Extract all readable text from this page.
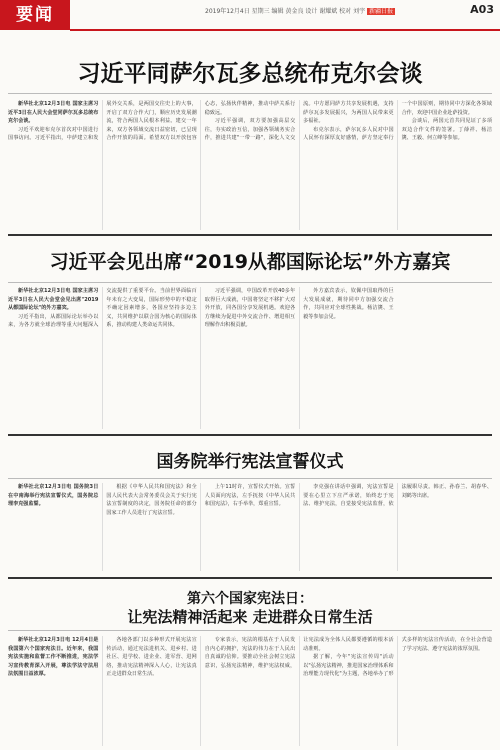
要闻	2019年12月4日 星期三 编辑 黄金良 设计 谢耀斌 校对 刘宇 新疆日报	A03
习近平同萨尔瓦多总统布克尔会谈

新华社北京12月3日电 国家主席习近平3日在人民大会堂同萨尔瓦多总统布克尔会谈。

习近平欢迎布克尔首次对中国进行国事访问。习近平指出，中萨建立和发展外交关系，是两国交往史上的大事，开启了双方合作大门，顺应历史发展潮流，符合两国人民根本利益。建交一年来，双方各领域交流日益密切，已呈现合作开放的局面。希望双方以开放包容心态，弘扬伙伴精神，推动中萨关系行稳致远。

习近平强调，双方要加强高层交往，夯实政治互信，加强各领域务实合作，推进共建"一带一路"，深化人文交流。中方愿同萨方共享发展机遇，支持萨尔瓦多发展振兴，为两国人民带来更多福祉。

布克尔表示，萨尔瓦多人民对中国人民怀有深厚友好感情，萨方坚定奉行一个中国原则，期待同中方深化各领域合作，欢迎中国企业赴萨投资。

会谈后，两国元首共同见证了多项双边合作文件的签署。丁薛祥、杨洁篪、王毅、何立峰等参加。

习近平会见出席“2019从都国际论坛”外方嘉宾

新华社北京12月3日电 国家主席习近平3日在人民大会堂会见出席"2019从都国际论坛"的外方嘉宾。

习近平指出，从都国际论坛举办以来，为各方就全球治理等重大问题深入交流提供了重要平台。当前世界面临百年未有之大变局，国际形势中的不稳定不确定因素增多，各国应坚持多边主义，共同维护以联合国为核心的国际体系，推动构建人类命运共同体。

习近平强调，中国改革开放40多年取得巨大成就，中国将坚定不移扩大对外开放，同各国分享发展机遇。欢迎各方继续为促进中外交流合作、增进相互理解作出积极贡献。

外方嘉宾表示，钦佩中国取得的巨大发展成就，期待同中方加强交流合作，共同应对全球性挑战。杨洁篪、王毅等参加会见。

国务院举行宪法宣誓仪式

新华社北京12月3日电 国务院3日在中南海举行宪法宣誓仪式，国务院总理李克强监誓。

根据《中华人民共和国宪法》和全国人民代表大会常务委员会关于实行宪法宣誓制度的决定，国务院任命的部分国家工作人员进行了宪法宣誓。

上午11时许，宣誓仪式开始。宣誓人员面向宪法，左手抚按《中华人民共和国宪法》，右手举拳，郑重宣誓。

李克强在讲话中强调，宪法宣誓是要在心里立下庄严承诺，始终忠于宪法、维护宪法，自觉接受宪法监督，依法履职尽责。韩正、孙春兰、胡春华、刘鹤等出席。

第六个国家宪法日：
让宪法精神活起来 走进群众日常生活

新华社北京12月3日电 12月4日是我国第六个国家宪法日。近年来，我国宪法实施和监督工作不断推进，宪法学习宣传教育深入开展，尊法学法守法用法氛围日益浓厚。

各地各部门以多种形式开展宪法宣传活动，通过宪法进机关、进乡村、进社区、进学校、进企业、进军营、进网络，推动宪法精神深入人心，让宪法真正走进群众日常生活。

专家表示，宪法的根基在于人民发自内心的拥护，宪法的伟力在于人民出自真诚的信仰。要推动全社会树立宪法意识，弘扬宪法精神，维护宪法权威，让宪法成为全体人民都要遵循的根本活动准则。

据了解，今年"宪法宣传周"活动以"弘扬宪法精神，推进国家治理体系和治理能力现代化"为主题，各地举办了形式多样的宪法宣传活动，在全社会营造了学习宪法、遵守宪法的浓厚氛围。
